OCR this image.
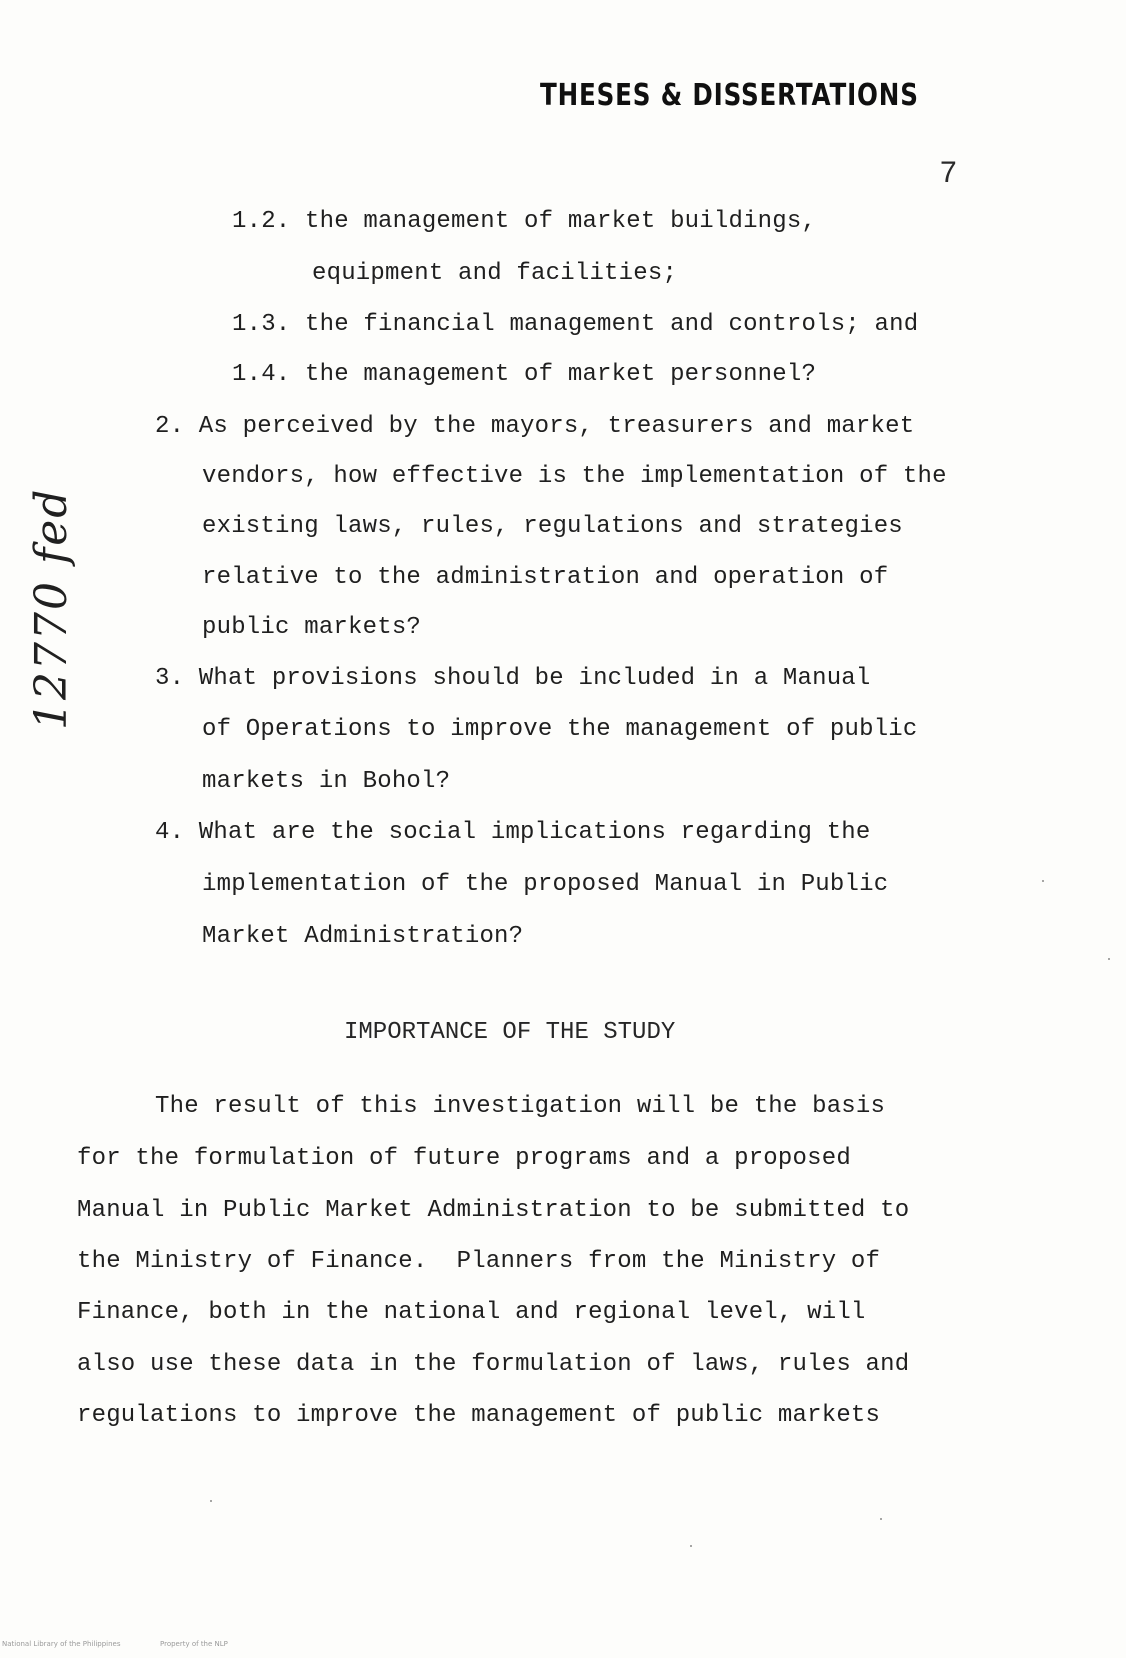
THESES & DISSERTATIONS
7
12770 fed
1.2. the management of market buildings,
equipment and facilities;
1.3. the financial management and controls; and
1.4. the management of market personnel?
2. As perceived by the mayors, treasurers and market
vendors, how effective is the implementation of the
existing laws, rules, regulations and strategies
relative to the administration and operation of
public markets?
3. What provisions should be included in a Manual
of Operations to improve the management of public
markets in Bohol?
4. What are the social implications regarding the
implementation of the proposed Manual in Public
Market Administration?
IMPORTANCE OF THE STUDY
The result of this investigation will be the basis
for the formulation of future programs and a proposed
Manual in Public Market Administration to be submitted to
the Ministry of Finance.  Planners from the Ministry of
Finance, both in the national and regional level, will
also use these data in the formulation of laws, rules and
regulations to improve the management of public markets
National Library of the Philippines	Property of the NLP
